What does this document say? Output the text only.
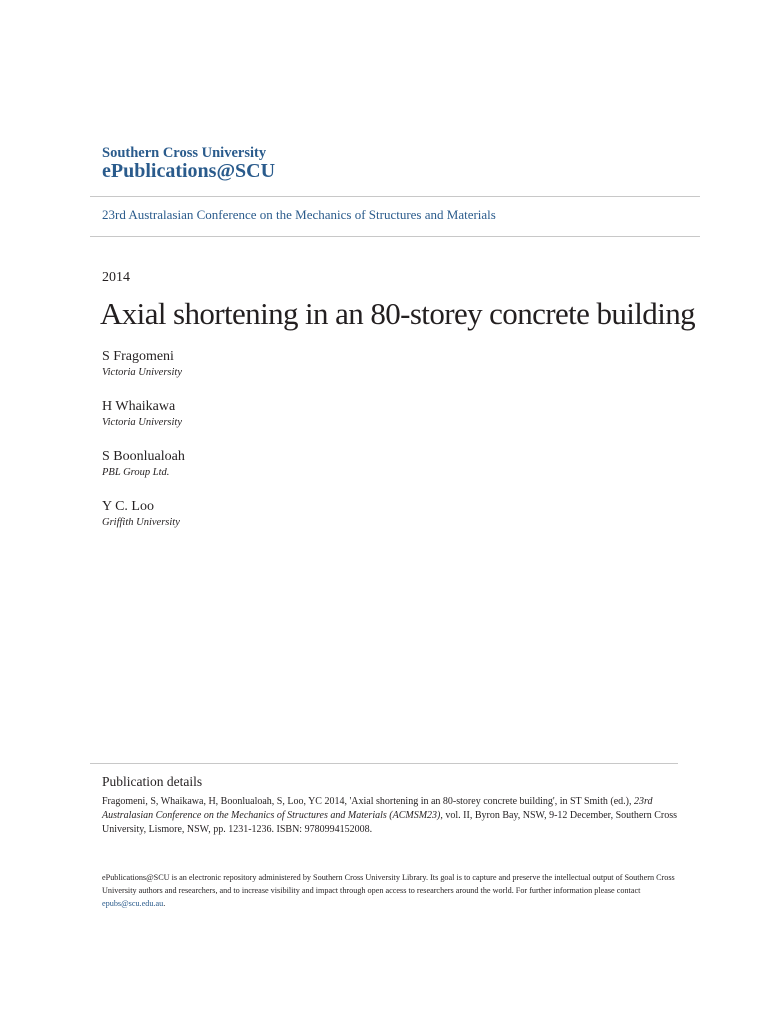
Southern Cross University
ePublications@SCU
23rd Australasian Conference on the Mechanics of Structures and Materials
2014
Axial shortening in an 80-storey concrete building
S Fragomeni
Victoria University
H Whaikawa
Victoria University
S Boonlualoah
PBL Group Ltd.
Y C. Loo
Griffith University
Publication details
Fragomeni, S, Whaikawa, H, Boonlualoah, S, Loo, YC 2014, 'Axial shortening in an 80-storey concrete building', in ST Smith (ed.), 23rd Australasian Conference on the Mechanics of Structures and Materials (ACMSM23), vol. II, Byron Bay, NSW, 9-12 December, Southern Cross University, Lismore, NSW, pp. 1231-1236. ISBN: 9780994152008.
ePublications@SCU is an electronic repository administered by Southern Cross University Library. Its goal is to capture and preserve the intellectual output of Southern Cross University authors and researchers, and to increase visibility and impact through open access to researchers around the world. For further information please contact epubs@scu.edu.au.
